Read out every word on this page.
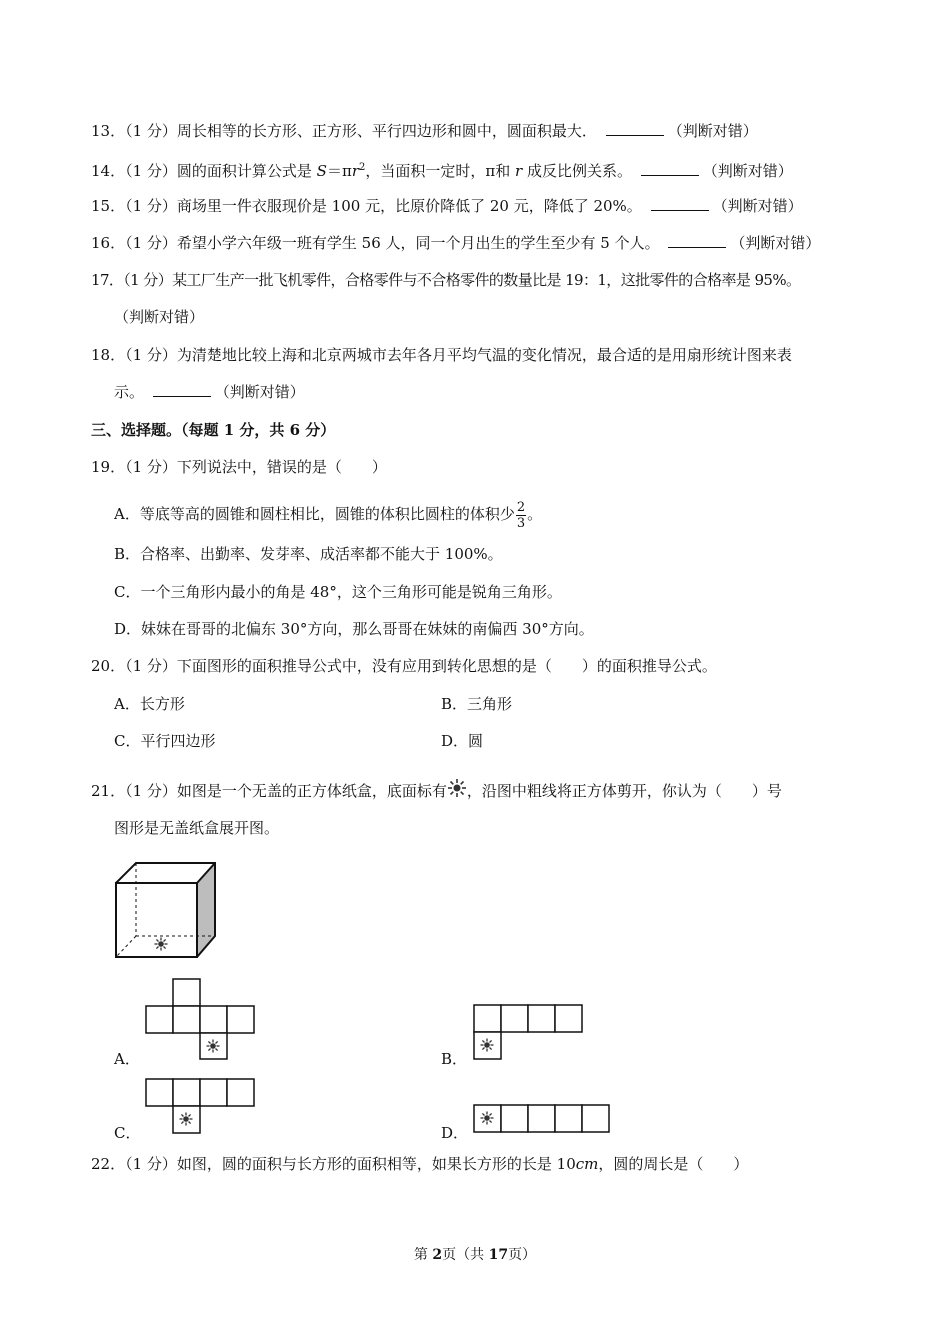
13．（1 分）周长相等的长方形、正方形、平行四边形和圆中，圆面积最大．	（判断对错）
14．（1 分）圆的面积计算公式是 $S=\pi r^2$，当面积一定时，π和 r 成反比例关系。	（判断对错）
15．（1 分）商场里一件衣服现价是 100 元，比原价降低了 20 元，降低了 20%。	（判断对错）
16．（1 分）希望小学六年级一班有学生 56 人，同一个月出生的学生至少有 5 个人。	（判断对错）
17．（1 分）某工厂生产一批飞机零件，合格零件与不合格零件的数量比是 19：1，这批零件的合格率是 95%。
（判断对错）
18．（1 分）为清楚地比较上海和北京两城市去年各月平均气温的变化情况，最合适的是用扇形统计图来表
示。	（判断对错）
三、选择题。（每题 1 分，共 6 分）
19．（1 分）下列说法中，错误的是（　　）
A．等底等高的圆锥和圆柱相比，圆锥的体积比圆柱的体积少 $\frac{2}{3}$ 。
B．合格率、出勤率、发芽率、成活率都不能大于 100%。
C．一个三角形内最小的角是 48°，这个三角形可能是锐角三角形。
D．妹妹在哥哥的北偏东 30°方向，那么哥哥在妹妹的南偏西 30°方向。
20．（1 分）下面图形的面积推导公式中，没有应用到转化思想的是（　　）的面积推导公式。
A．长方形	B．三角形
C．平行四边形	D．圆
21．（1 分）如图是一个无盖的正方体纸盒，底面标有 ，沿图中粗线将正方体剪开，你认为（　　）号
图形是无盖纸盒展开图。
A．	B．
C．	D．
22．（1 分）如图，圆的面积与长方形的面积相等，如果长方形的长是 10cm，圆的周长是（　　）
第 2页（共 17页）
